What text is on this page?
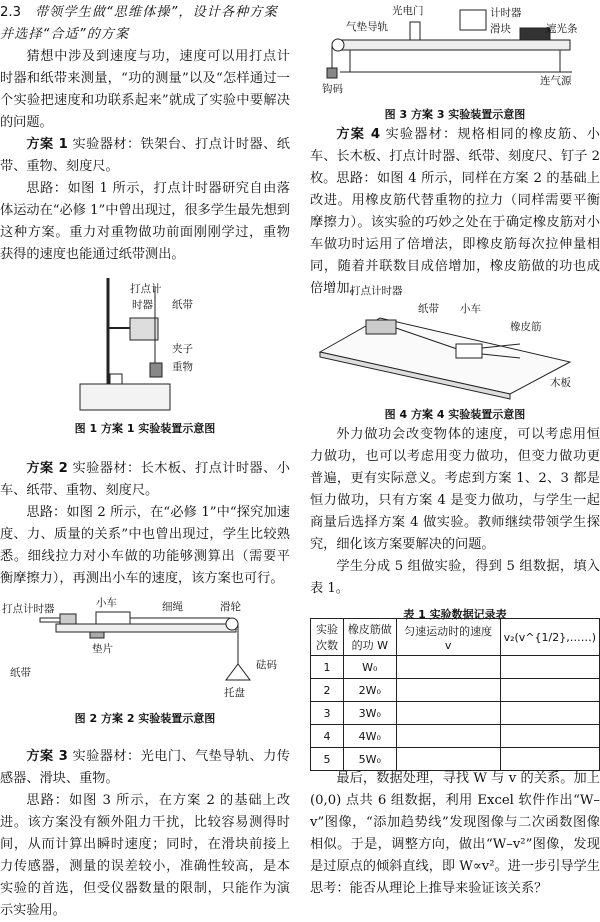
2.3 带领学生做“思维体操”，设计各种方案并选择“合适”的方案

猜想中涉及到速度与功，速度可以用打点计时器和纸带来测量，“功的测量”以及“怎样通过一个实验把速度和功联系起来”就成了实验中要解决的问题。

方案 1 实验器材：铁架台、打点计时器、纸带、重物、刻度尺。

思路：如图 1 所示，打点计时器研究自由落体运动在“必修 1”中曾出现过，很多学生最先想到这种方案。重力对重物做功前面刚刚学过，重物获得的速度也能通过纸带测出。

打点计
时器 纸带
夹子
重物

图 1 方案 1 实验装置示意图

方案 2 实验器材：长木板、打点计时器、小车、纸带、重物、刻度尺。

思路：如图 2 所示，在“必修 1”中“探究加速度、力、质量的关系”中也曾出现过，学生比较熟悉。细线拉力对小车做的功能够测算出（需要平衡摩擦力），再测出小车的速度，该方案也可行。

小车
打点计时器	细绳	滑轮
垫片
纸带
砝码
托盘

图 2 方案 2 实验装置示意图

方案 3 实验器材：光电门、气垫导轨、力传感器、滑块、重物。

思路：如图 3 所示，在方案 2 的基础上改进。该方案没有额外阻力干扰，比较容易测得时间，从而计算出瞬时速度；同时，在滑块前接上力传感器，测量的误差较小，准确性较高，是本实验的首选，但受仪器数量的限制，只能作为演示实验用。

光电门	计时器
气垫导轨	滑块	遮光条
钩码
连气源

图 3 方案 3 实验装置示意图

方案 4 实验器材：规格相同的橡皮筋、小车、长木板、打点计时器、纸带、刻度尺、钉子 2 枚。 思路：如图 4 所示，同样在方案 2 的基础上改进。用橡皮筋代替重物的拉力（同样需要平衡摩擦力）。该实验的巧妙之处在于确定橡皮筋对小车做功时运用了倍增法，即橡皮筋每次拉伸量相同，随着并联数目成倍增加，橡皮筋做的功也成倍增加。

打点计时器
纸带 小车
橡皮筋
木板

图 4 方案 4 实验装置示意图

外力做功会改变物体的速度，可以考虑用恒力做功，也可以考虑用变力做功，但变力做功更普遍，更有实际意义。考虑到方案 1、2、3 都是恒力做功，只有方案 4 是变力做功，与学生一起商量后选择方案 4 做实验。教师继续带领学生探究，细化该方案要解决的问题。

学生分成 5 组做实验，得到 5 组数据，填入表 1。

表 1 实验数据记录表

实验次数	橡皮筋做的功 W	匀速运动时的速度 v	v₂(v^{1/2},……)
1	W₀		
2	2W₀		
3	3W₀		
4	4W₀		
5	5W₀		

最后，数据处理，寻找 W 与 v 的关系。加上 (0,0) 点共 6 组数据，利用 Excel 软件作出“W–v”图像，“添加趋势线”发现图像与二次函数图像相似。于是，调整方向，做出“W–v²”图像，发现是过原点的倾斜直线，即 W∝v²。进一步引导学生思考：能否从理论上推导来验证该关系？
